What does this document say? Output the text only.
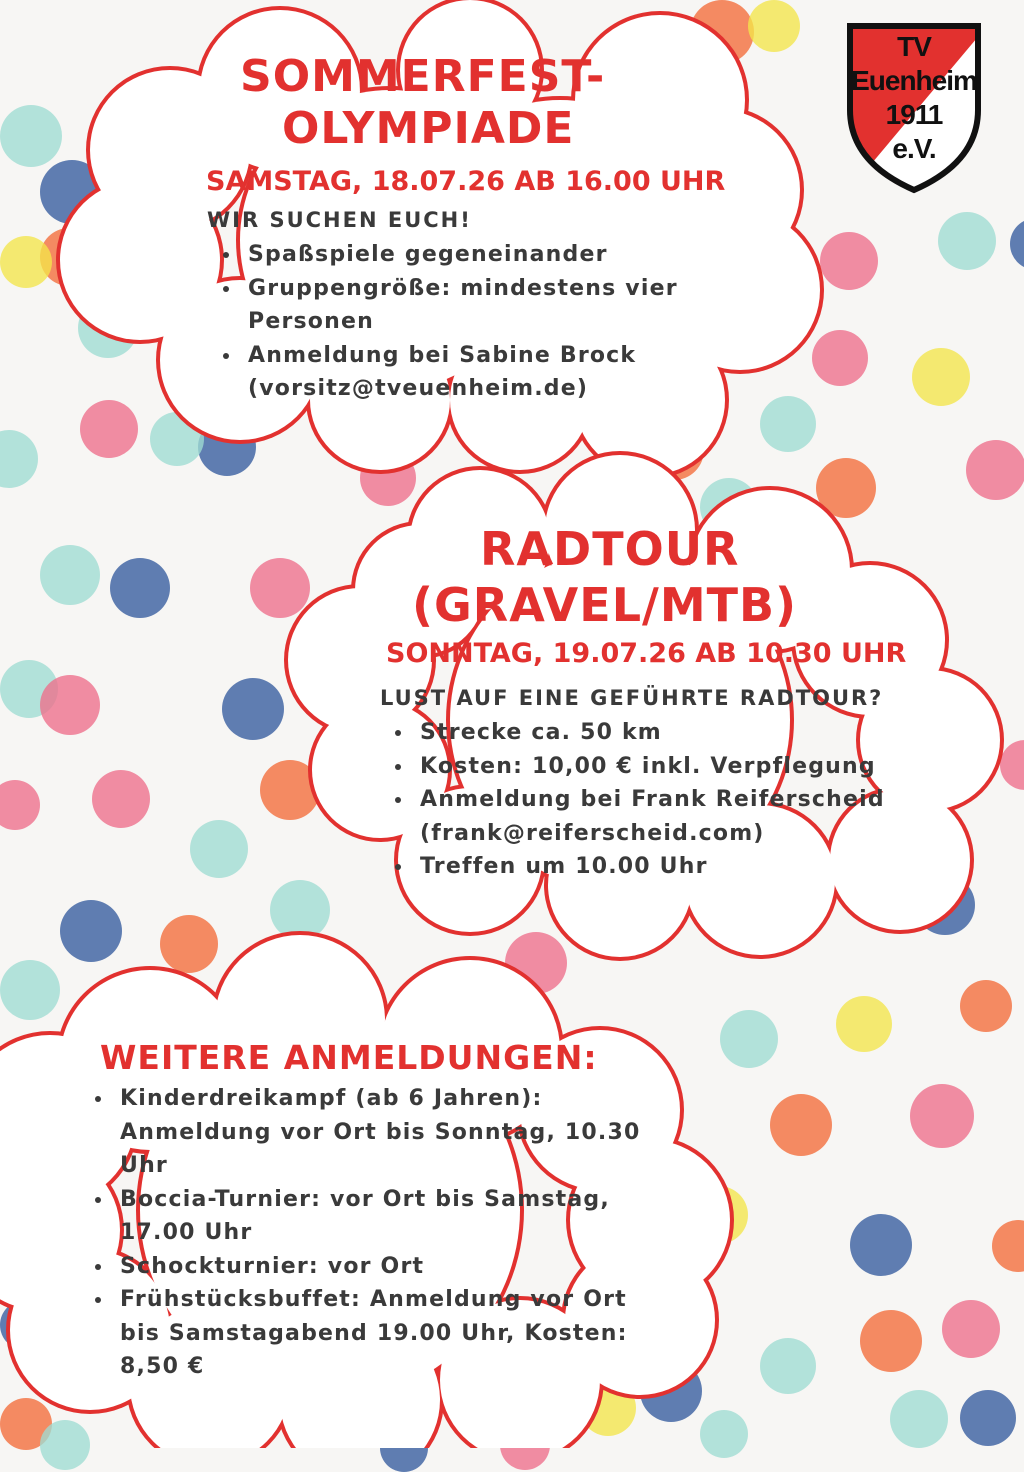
TV
Euenheim
1911
e.V.
SOMMERFEST-
OLYMPIADE

SAMSTAG, 18.07.26 AB 16.00 UHR

WIR SUCHEN EUCH!

• Spaßspiele gegeneinander
• Gruppengröße: mindestens vier Personen
• Anmeldung bei Sabine Brock (vorsitz@tveuenheim.de)
RADTOUR
(GRAVEL/MTB)

SONNTAG, 19.07.26 AB 10.30 UHR

LUST AUF EINE GEFÜHRTE RADTOUR?

• Strecke ca. 50 km
• Kosten: 10,00 € inkl. Verpflegung
• Anmeldung bei Frank Reiferscheid (frank@reiferscheid.com)
• Treffen um 10.00 Uhr
WEITERE ANMELDUNGEN:
• Kinderdreikampf (ab 6 Jahren): Anmeldung vor Ort bis Sonntag, 10.30 Uhr
• Boccia-Turnier: vor Ort bis Samstag, 17.00 Uhr
• Schockturnier: vor Ort
• Frühstücksbuffet: Anmeldung vor Ort bis Samstagabend 19.00 Uhr, Kosten: 8,50 €
